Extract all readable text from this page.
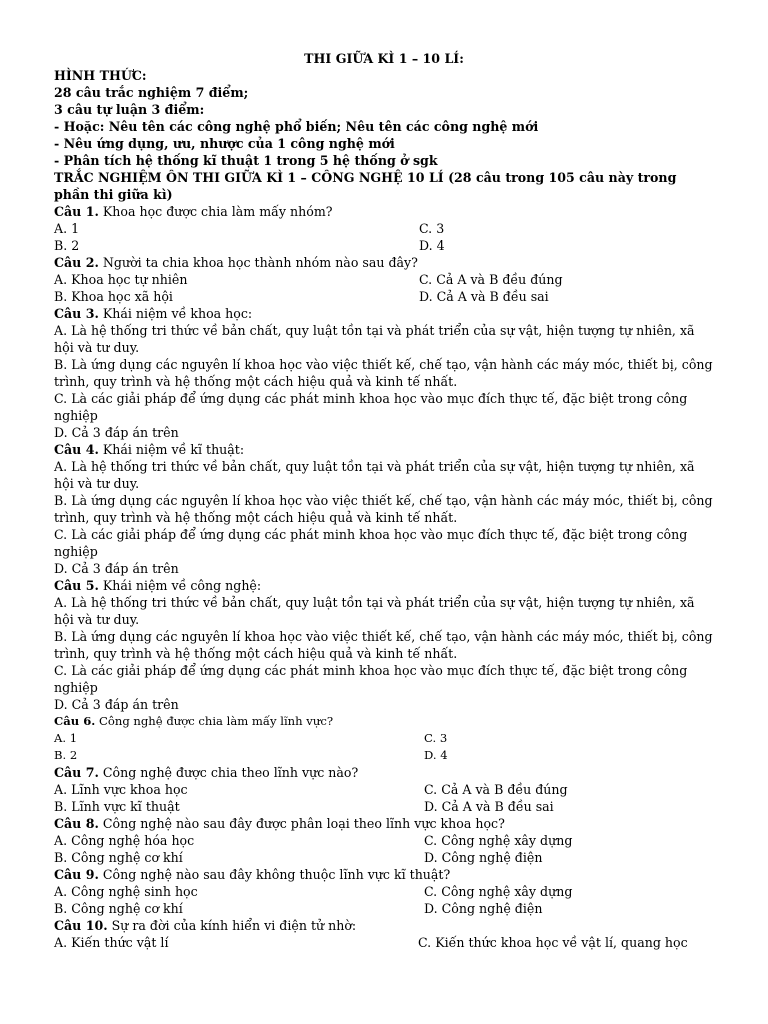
THI GIỮA KÌ 1 – 10 LÍ:

HÌNH THỨC:

28 câu trắc nghiệm 7 điểm;

3 câu tự luận 3 điểm:

- Hoặc: Nêu tên các công nghệ phổ biến; Nêu tên các công nghệ mới

- Nêu ứng dụng, ưu, nhược của 1 công nghệ mới

- Phân tích hệ thống kĩ thuật 1 trong 5 hệ thống ở sgk

TRẮC NGHIỆM ÔN THI GIỮA KÌ 1 – CÔNG NGHỆ 10 LÍ (28 câu trong 105 câu này trong phần thi giữa kì)

Câu 1. Khoa học được chia làm mấy nhóm?

A. 1	C. 3
B. 2	D. 4

Câu 2. Người ta chia khoa học thành nhóm nào sau đây?

A. Khoa học tự nhiên	C. Cả A và B đều đúng
B. Khoa học xã hội	D. Cả A và B đều sai

Câu 3. Khái niệm về khoa học:

A. Là hệ thống tri thức về bản chất, quy luật tồn tại và phát triển của sự vật, hiện tượng tự nhiên, xã hội và tư duy.

B. Là ứng dụng các nguyên lí khoa học vào việc thiết kế, chế tạo, vận hành các máy móc, thiết bị, công trình, quy trình và hệ thống một cách hiệu quả và kinh tế nhất.

C. Là các giải pháp để ứng dụng các phát minh khoa học vào mục đích thực tế, đặc biệt trong công nghiệp

D. Cả 3 đáp án trên

Câu 4. Khái niệm về kĩ thuật:

A. Là hệ thống tri thức về bản chất, quy luật tồn tại và phát triển của sự vật, hiện tượng tự nhiên, xã hội và tư duy.

B. Là ứng dụng các nguyên lí khoa học vào việc thiết kế, chế tạo, vận hành các máy móc, thiết bị, công trình, quy trình và hệ thống một cách hiệu quả và kinh tế nhất.

C. Là các giải pháp để ứng dụng các phát minh khoa học vào mục đích thực tế, đặc biệt trong công nghiệp

D. Cả 3 đáp án trên

Câu 5. Khái niệm về công nghệ:

A. Là hệ thống tri thức về bản chất, quy luật tồn tại và phát triển của sự vật, hiện tượng tự nhiên, xã hội và tư duy.

B. Là ứng dụng các nguyên lí khoa học vào việc thiết kế, chế tạo, vận hành các máy móc, thiết bị, công trình, quy trình và hệ thống một cách hiệu quả và kinh tế nhất.

C. Là các giải pháp để ứng dụng các phát minh khoa học vào mục đích thực tế, đặc biệt trong công nghiệp

D. Cả 3 đáp án trên

Câu 6. Công nghệ được chia làm mấy lĩnh vực?

A. 1	C. 3
B. 2	D. 4

Câu 7. Công nghệ được chia theo lĩnh vực nào?

A. Lĩnh vực khoa học	C. Cả A và B đều đúng
B. Lĩnh vực kĩ thuật	D. Cả A và B đều sai

Câu 8. Công nghệ nào sau đây được phân loại theo lĩnh vực khoa học?

A. Công nghệ hóa học	C. Công nghệ xây dựng
B. Công nghệ cơ khí	D. Công nghệ điện

Câu 9. Công nghệ nào sau đây không thuộc lĩnh vực kĩ thuật?

A. Công nghệ sinh học	C. Công nghệ xây dựng
B. Công nghệ cơ khí	D. Công nghệ điện

Câu 10. Sự ra đời của kính hiển vi điện tử nhờ:

A. Kiến thức vật lí	C. Kiến thức khoa học về vật lí, quang học
